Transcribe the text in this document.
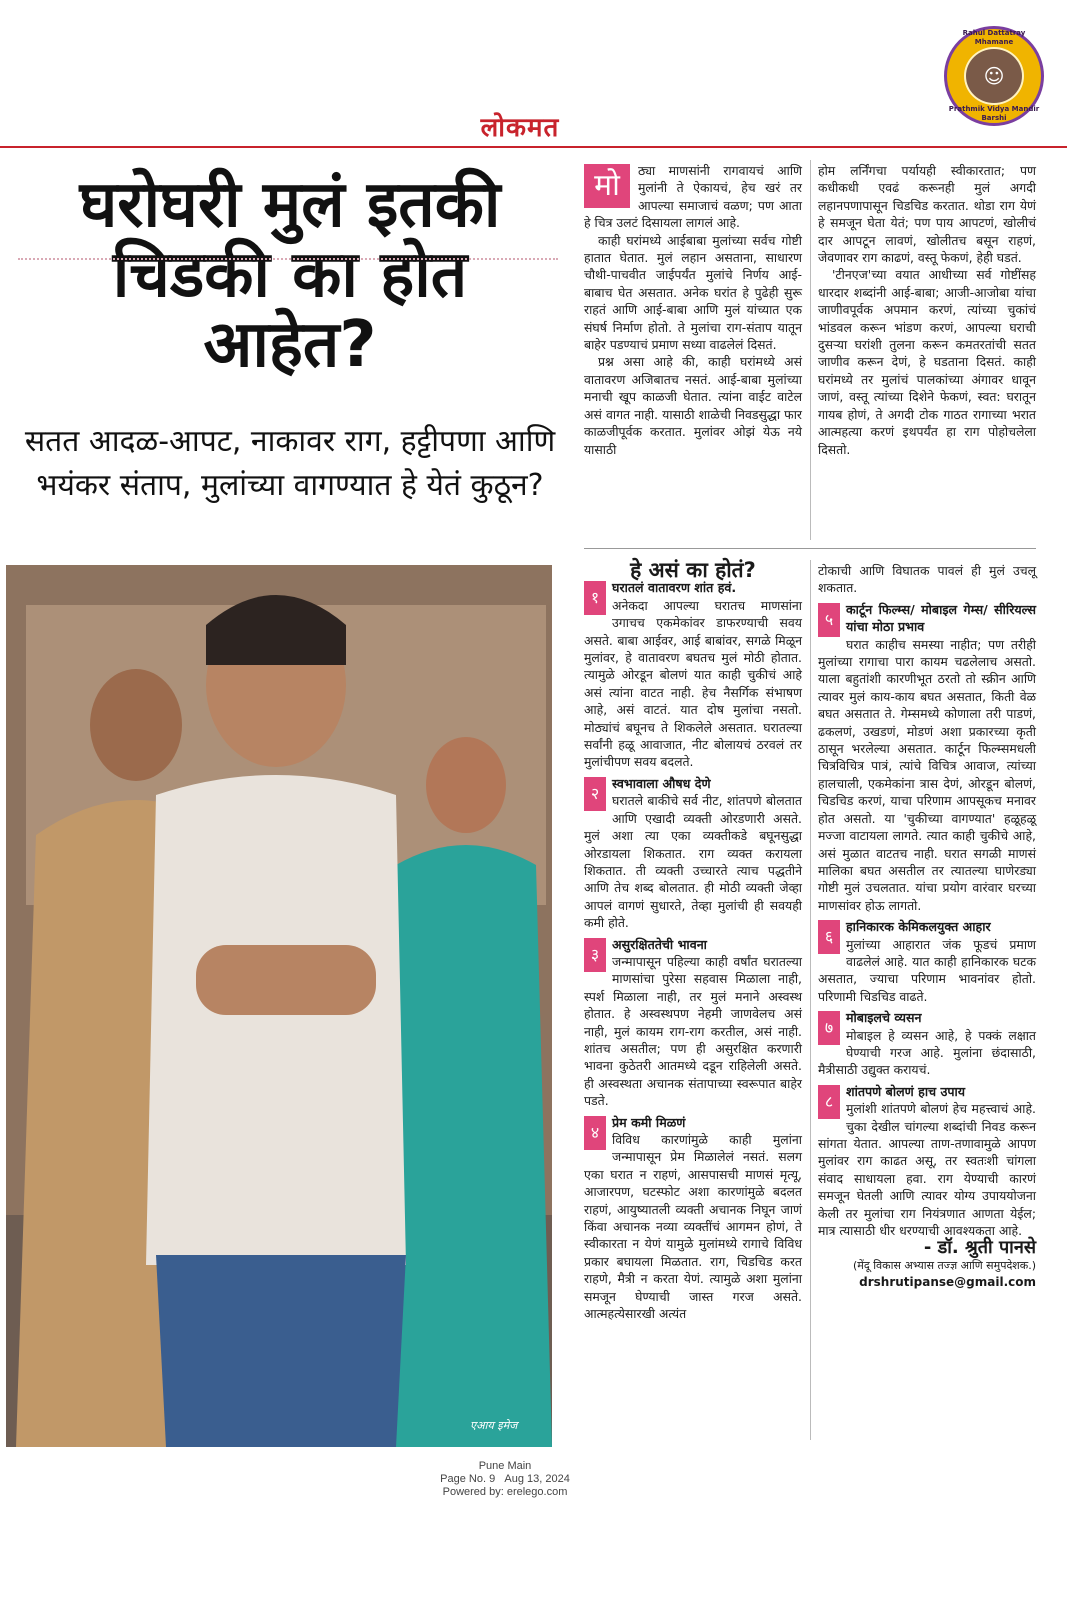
Rahul Dattatray Mhamane
☺
Prathmik Vidya Mandir Barshi
लोकमत
घरोघरी मुलं इतकी चिडकी का होत आहेत?
सतत आदळ-आपट, नाकावर राग, हट्टीपणा आणि भयंकर संताप, मुलांच्या वागण्यात हे येतं कुठून?
एआय इमेज
मो	ठ्या माणसांनी रागवायचं आणि मुलांनी ते ऐकायचं, हेच खरं तर आपल्या समाजाचं वळण; पण आता हे चित्र उलटं दिसायला लागलं आहे.

काही घरांमध्ये आईबाबा मुलांच्या सर्वच गोष्टी हातात घेतात. मुलं लहान असताना, साधारण चौथी-पाचवीत जाईपर्यंत मुलांचे निर्णय आई-बाबाच घेत असतात. अनेक घरांत हे पुढेही सुरू राहतं आणि आई-बाबा आणि मुलं यांच्यात एक संघर्ष निर्माण होतो. ते मुलांचा राग-संताप यातून बाहेर पडण्याचं प्रमाण सध्या वाढलेलं दिसतं.

प्रश्न असा आहे की, काही घरांमध्ये असं वातावरण अजिबातच नसतं. आई-बाबा मुलांच्या मनाची खूप काळजी घेतात. त्यांना वाईट वाटेल असं वागत नाही. यासाठी शाळेची निवडसुद्धा फार काळजीपूर्वक करतात. मुलांवर ओझं येऊ नये यासाठी

होम लर्निंगचा पर्यायही स्वीकारतात; पण कधीकधी एवढं करूनही मुलं अगदी लहानपणापासून चिडचिड करतात. थोडा राग येणं हे समजून घेता येतं; पण पाय आपटणं, खोलीचं दार आपटून लावणं, खोलीतच बसून राहणं, जेवणावर राग काढणं, वस्तू फेकणं, हेही घडतं.

'टीनएज'च्या वयात आधीच्या सर्व गोष्टींसह धारदार शब्दांनी आई-बाबा; आजी-आजोबा यांचा जाणीवपूर्वक अपमान करणं, त्यांच्या चुकांचं भांडवल करून भांडण करणं, आपल्या घराची दुसऱ्या घरांशी तुलना करून कमतरतांची सतत जाणीव करून देणं, हे घडताना दिसतं. काही घरांमध्ये तर मुलांचं पालकांच्या अंगावर धावून जाणं, वस्तू त्यांच्या दिशेने फेकणं, स्वत: घरातून गायब होणं, ते अगदी टोक गाठत रागाच्या भरात आत्महत्या करणं इथपर्यंत हा राग पोहोचलेला दिसतो.

हे असं का होतं?
१
घरातलं वातावरण शांत हवं.
अनेकदा आपल्या घरातच माणसांना उगाचच एकमेकांवर डाफरण्याची सवय असते. बाबा आईवर, आई बाबांवर, सगळे मिळून मुलांवर, हे वातावरण बघतच मुलं मोठी होतात. त्यामुळे ओरडून बोलणं यात काही चुकीचं आहे असं त्यांना वाटत नाही. हेच नैसर्गिक संभाषण आहे, असं वाटतं. यात दोष मुलांचा नसतो. मोठ्यांचं बघूनच ते शिकलेले असतात. घरातल्या सर्वांनी हळू आवाजात, नीट बोलायचं ठरवलं तर मुलांचीपण सवय बदलते.
२
स्वभावाला औषध देणे
घरातले बाकीचे सर्व नीट, शांतपणे बोलतात आणि एखादी व्यक्ती ओरडणारी असते. मुलं अशा त्या एका व्यक्तीकडे बघूनसुद्धा ओरडायला शिकतात. राग व्यक्त करायला शिकतात. ती व्यक्ती उच्चारते त्याच पद्धतीने आणि तेच शब्द बोलतात. ही मोठी व्यक्ती जेव्हा आपलं वागणं सुधारते, तेव्हा मुलांची ही सवयही कमी होते.
३
असुरक्षिततेची भावना
जन्मापासून पहिल्या काही वर्षांत घरातल्या माणसांचा पुरेसा सहवास मिळाला नाही, स्पर्श मिळाला नाही, तर मुलं मनाने अस्वस्थ होतात. हे अस्वस्थपण नेहमी जाणवेलच असं नाही, मुलं कायम राग-राग करतील, असं नाही. शांतच असतील; पण ही असुरक्षित करणारी भावना कुठेतरी आतमध्ये दडून राहिलेली असते. ही अस्वस्थता अचानक संतापाच्या स्वरूपात बाहेर पडते.
४
प्रेम कमी मिळणं
विविध कारणांमुळे काही मुलांना जन्मापासून प्रेम मिळालेलं नसतं. सलग एका घरात न राहणं, आसपासची माणसं मृत्यू, आजारपण, घटस्फोट अशा कारणांमुळे बदलत राहणं, आयुष्यातली व्यक्ती अचानक निघून जाणं किंवा अचानक नव्या व्यक्तींचं आगमन होणं, ते स्वीकारता न येणं यामुळे मुलांमध्ये रागाचे विविध प्रकार बघायला मिळतात. राग, चिडचिड करत राहणे, मैत्री न करता येणं. त्यामुळे अशा मुलांना समजून घेण्याची जास्त गरज असते. आत्महत्येसारखी अत्यंत
टोकाची आणि विघातक पावलं ही मुलं उचलू शकतात.
५
कार्टून फिल्म्स/ मोबाइल गेम्स/ सीरियल्स यांचा मोठा प्रभाव
घरात काहीच समस्या नाहीत; पण तरीही मुलांच्या रागाचा पारा कायम चढलेलाच असतो. याला बहुतांशी कारणीभूत ठरतो तो स्क्रीन आणि त्यावर मुलं काय-काय बघत असतात, किती वेळ बघत असतात ते. गेम्समध्ये कोणाला तरी पाडणं, ढकलणं, उखडणं, मोडणं अशा प्रकारच्या कृती ठासून भरलेल्या असतात. कार्टून फिल्म्समधली चित्रविचित्र पात्रं, त्यांचे विचित्र आवाज, त्यांच्या हालचाली, एकमेकांना त्रास देणं, ओरडून बोलणं, चिडचिड करणं, याचा परिणाम आपसूकच मनावर होत असतो. या 'चुकीच्या वागण्यात' हळूहळू मज्जा वाटायला लागते. त्यात काही चुकीचे आहे, असं मुळात वाटतच नाही. घरात सगळी माणसं मालिका बघत असतील तर त्यातल्या घाणेरड्या गोष्टी मुलं उचलतात. यांचा प्रयोग वारंवार घरच्या माणसांवर होऊ लागतो.
६
हानिकारक केमिकलयुक्त आहार
मुलांच्या आहारात जंक फूडचं प्रमाण वाढलेलं आहे. यात काही हानिकारक घटक असतात, ज्याचा परिणाम भावनांवर होतो. परिणामी चिडचिड वाढते.
७
मोबाइलचे व्यसन
मोबाइल हे व्यसन आहे, हे पक्कं लक्षात घेण्याची गरज आहे. मुलांना छंदासाठी, मैत्रीसाठी उद्युक्त करायचं.
८
शांतपणे बोलणं हाच उपाय
मुलांशी शांतपणे बोलणं हेच महत्त्वाचं आहे. चुका देखील चांगल्या शब्दांची निवड करून सांगता येतात. आपल्या ताण-तणावामुळे आपण मुलांवर राग काढत असू, तर स्वतःशी चांगला संवाद साधायला हवा. राग येण्याची कारणं समजून घेतली आणि त्यावर योग्य उपाययोजना केली तर मुलांचा राग नियंत्रणात आणता येईल; मात्र त्यासाठी धीर धरण्याची आवश्यकता आहे.
- डॉ. श्रुती पानसे
(मेंदू विकास अभ्यास तज्ज्ञ आणि समुपदेशक.)
drshrutipanse@gmail.com
Pune Main
Page No. 9 Aug 13, 2024
Powered by: erelego.com
